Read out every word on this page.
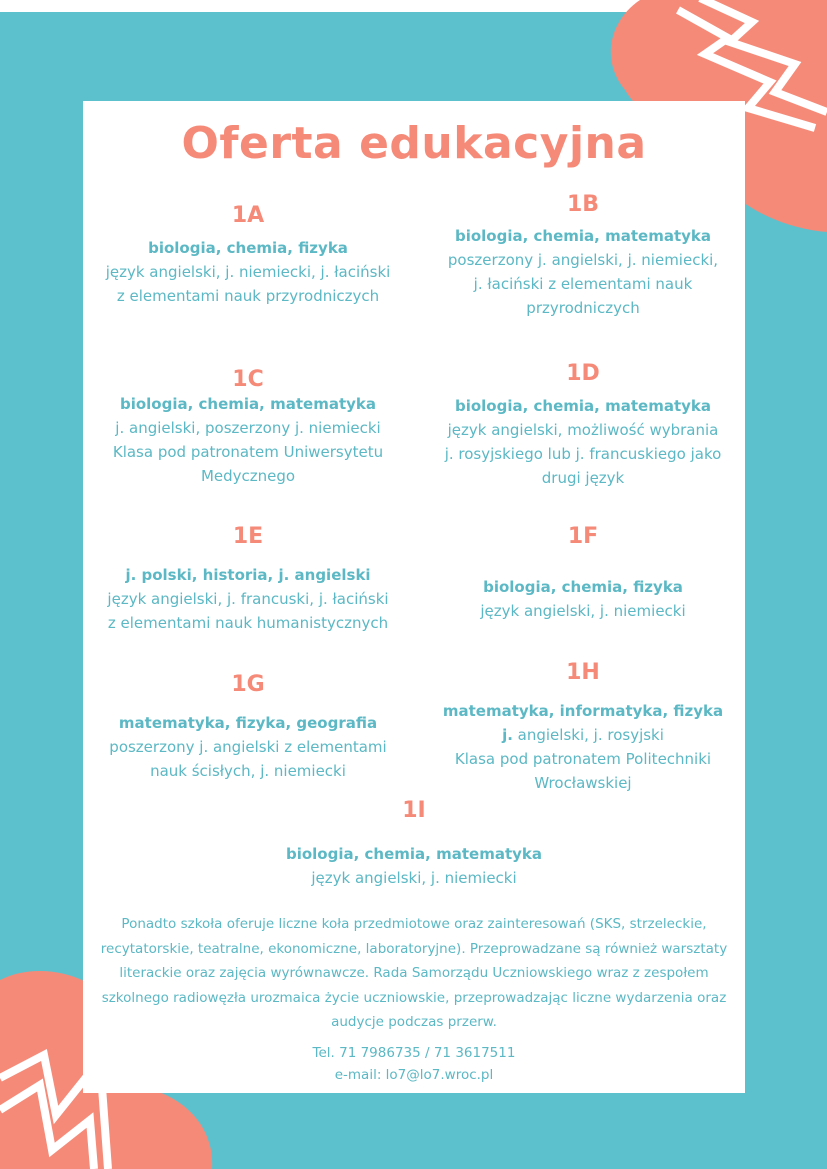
Oferta edukacyjna
1A
biologia, chemia, fizyka
język angielski, j. niemiecki, j. łaciński
z elementami nauk przyrodniczych
1B
biologia, chemia, matematyka
poszerzony j. angielski, j. niemiecki,
j. łaciński z elementami nauk
przyrodniczych
1C
biologia, chemia, matematyka
j. angielski, poszerzony j. niemiecki
Klasa pod patronatem Uniwersytetu
Medycznego
1D
biologia, chemia, matematyka
język angielski, możliwość wybrania
j. rosyjskiego lub j. francuskiego jako
drugi język
1E
j. polski, historia, j. angielski
język angielski, j. francuski, j. łaciński
z elementami nauk humanistycznych
1F
biologia, chemia, fizyka
język angielski, j. niemiecki
1G
matematyka, fizyka, geografia
poszerzony j. angielski z elementami
nauk ścisłych, j. niemiecki
1H
matematyka, informatyka, fizyka
j. angielski, j. rosyjski
Klasa pod patronatem Politechniki
Wrocławskiej
1I
biologia, chemia, matematyka
język angielski, j. niemiecki
Ponadto szkoła oferuje liczne koła przedmiotowe oraz zainteresowań (SKS, strzeleckie, recytatorskie, teatralne, ekonomiczne, laboratoryjne). Przeprowadzane są również warsztaty literackie oraz zajęcia wyrównawcze. Rada Samorządu Uczniowskiego wraz z zespołem szkolnego radiowęzła urozmaica życie uczniowskie, przeprowadzając liczne wydarzenia oraz audycje podczas przerw.
Tel. 71 7986735 / 71 3617511
e-mail: lo7@lo7.wroc.pl
